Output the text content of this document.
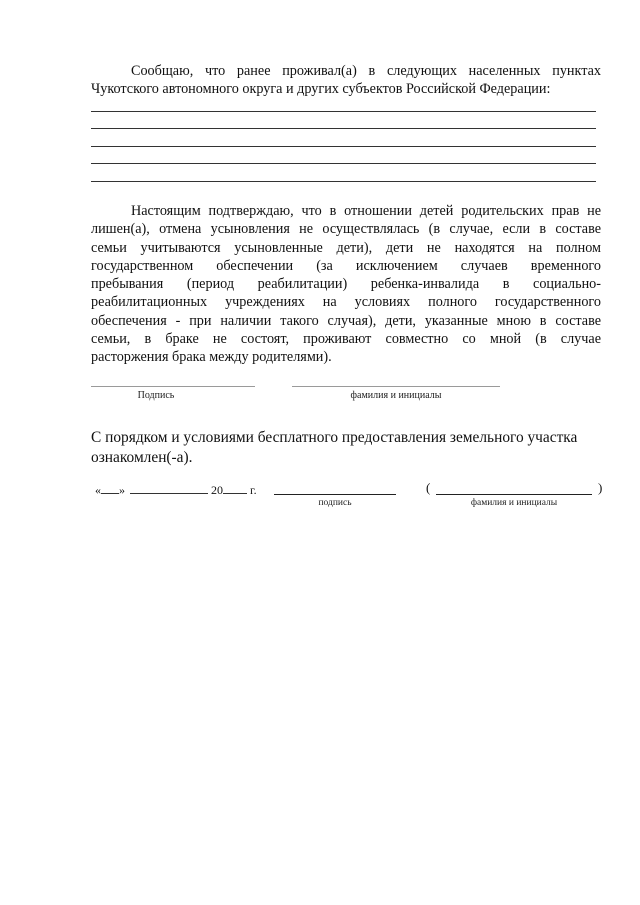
Сообщаю, что ранее проживал(а) в следующих населенных пунктах
Чукотского автономного округа и других субъектов Российской Федерации:
Настоящим подтверждаю, что в отношении детей родительских прав не
лишен(а), отмена усыновления не осуществлялась (в случае, если в составе
семьи учитываются усыновленные дети), дети не находятся на полном
государственном обеспечении (за исключением случаев временного
пребывания (период реабилитации) ребенка-инвалида в социально-
реабилитационных учреждениях на условиях полного государственного
обеспечения - при наличии такого случая), дети, указанные мною в составе
семьи, в браке не состоят, проживают совместно со мной (в случае
расторжения брака между родителями).
Подпись	фамилия и инициалы
С порядком и условиями бесплатного предоставления земельного участка
ознакомлен(-а).
« »	20 г.
подпись
(	)
фамилия и инициалы
